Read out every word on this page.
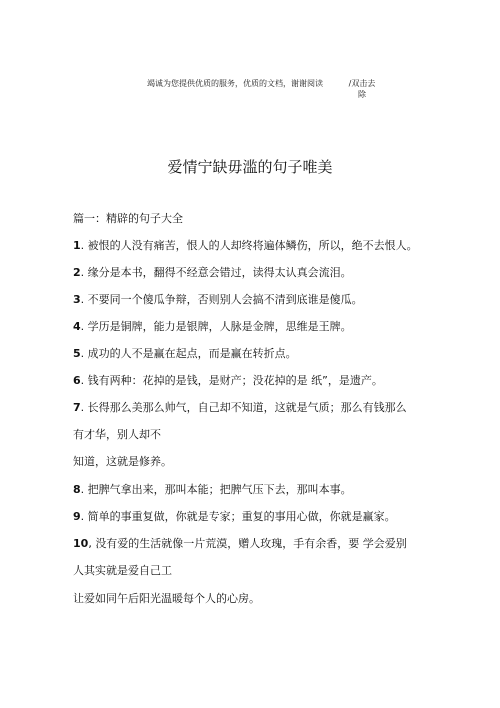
竭诚为您提供优质的服务，优质的文档，谢谢阅读	/双击去
除
爱情宁缺毋滥的句子唯美
篇一：精辟的句子大全
1. 被恨的人没有痛苦，恨人的人却终将遍体鳞伤，所以，绝不去恨人。
2. 缘分是本书，翻得不经意会错过，读得太认真会流泪。
3. 不要同一个傻瓜争辩，否则别人会搞不清到底谁是傻瓜。
4. 学历是铜牌，能力是银牌，人脉是金牌，思维是王牌。
5. 成功的人不是赢在起点，而是赢在转折点。
6. 钱有两种：花掉的是钱，是财产；没花掉的是 纸”，是遗产。
7. 长得那么美那么帅气，自己却不知道，这就是气质；那么有钱那么
有才华，别人却不
知道，这就是修养。
8. 把脾气拿出来，那叫本能；把脾气压下去，那叫本事。
9. 简单的事重复做，你就是专家；重复的事用心做，你就是赢家。
10, 没有爱的生活就像一片荒漠，赠人玫瑰，手有余香，要 学会爱别
人其实就是爱自己工
让爱如同午后阳光温暖每个人的心房。
